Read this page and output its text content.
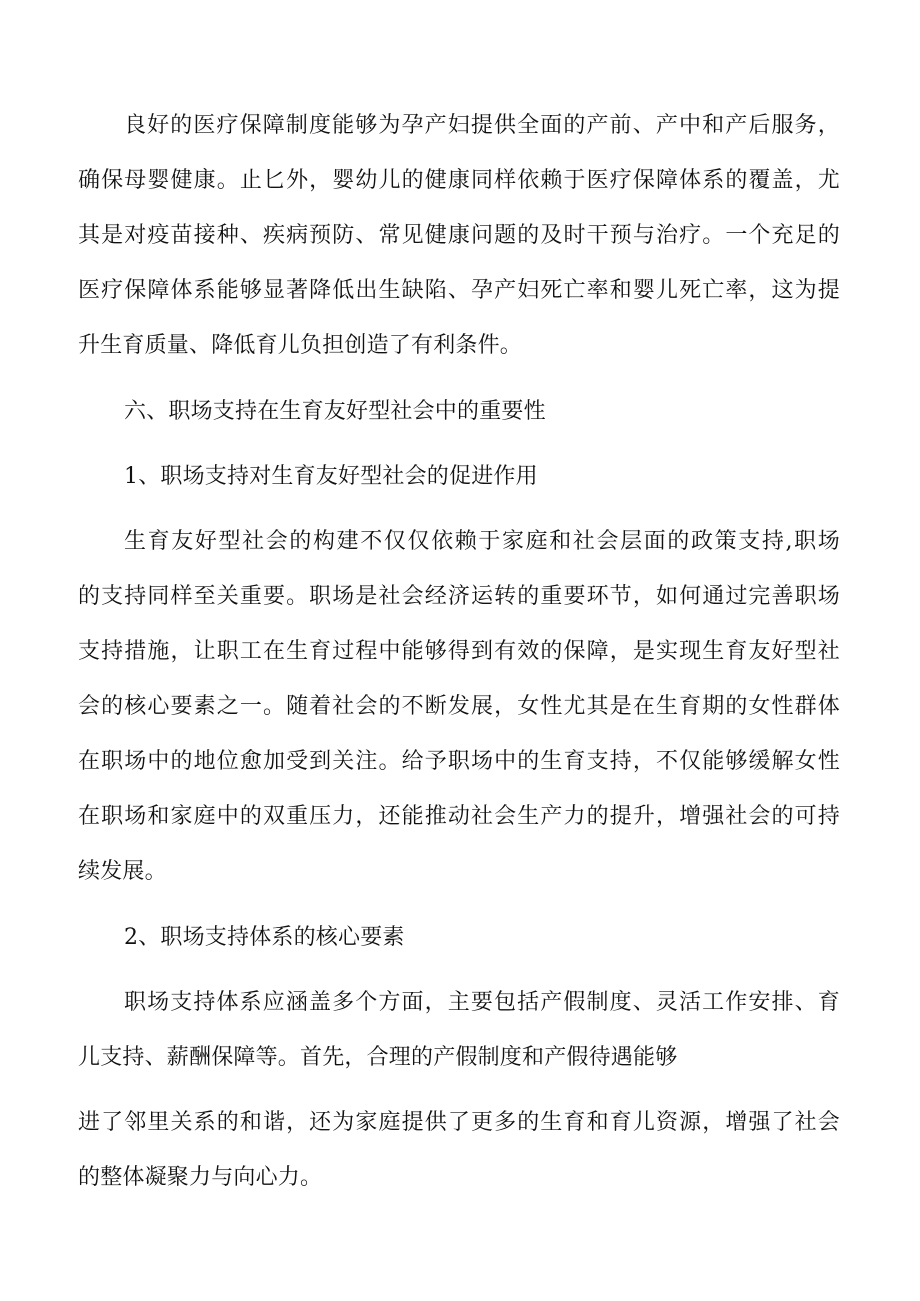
良好的医疗保障制度能够为孕产妇提供全面的产前、产中和产后服务，
确保母婴健康。止匕外，婴幼儿的健康同样依赖于医疗保障体系的覆盖，尤
其是对疫苗接种、疾病预防、常见健康问题的及时干预与治疗。一个充足的
医疗保障体系能够显著降低出生缺陷、孕产妇死亡率和婴儿死亡率，这为提
升生育质量、降低育儿负担创造了有利条件。
六、职场支持在生育友好型社会中的重要性
1、职场支持对生育友好型社会的促进作用
生育友好型社会的构建不仅仅依赖于家庭和社会层面的政策支持,职场
的支持同样至关重要。职场是社会经济运转的重要环节，如何通过完善职场
支持措施，让职工在生育过程中能够得到有效的保障，是实现生育友好型社
会的核心要素之一。随着社会的不断发展，女性尤其是在生育期的女性群体
在职场中的地位愈加受到关注。给予职场中的生育支持，不仅能够缓解女性
在职场和家庭中的双重压力，还能推动社会生产力的提升，增强社会的可持
续发展。
2、职场支持体系的核心要素
职场支持体系应涵盖多个方面，主要包括产假制度、灵活工作安排、育
儿支持、薪酬保障等。首先，合理的产假制度和产假待遇能够
进了邻里关系的和谐，还为家庭提供了更多的生育和育儿资源，增强了社会
的整体凝聚力与向心力。
